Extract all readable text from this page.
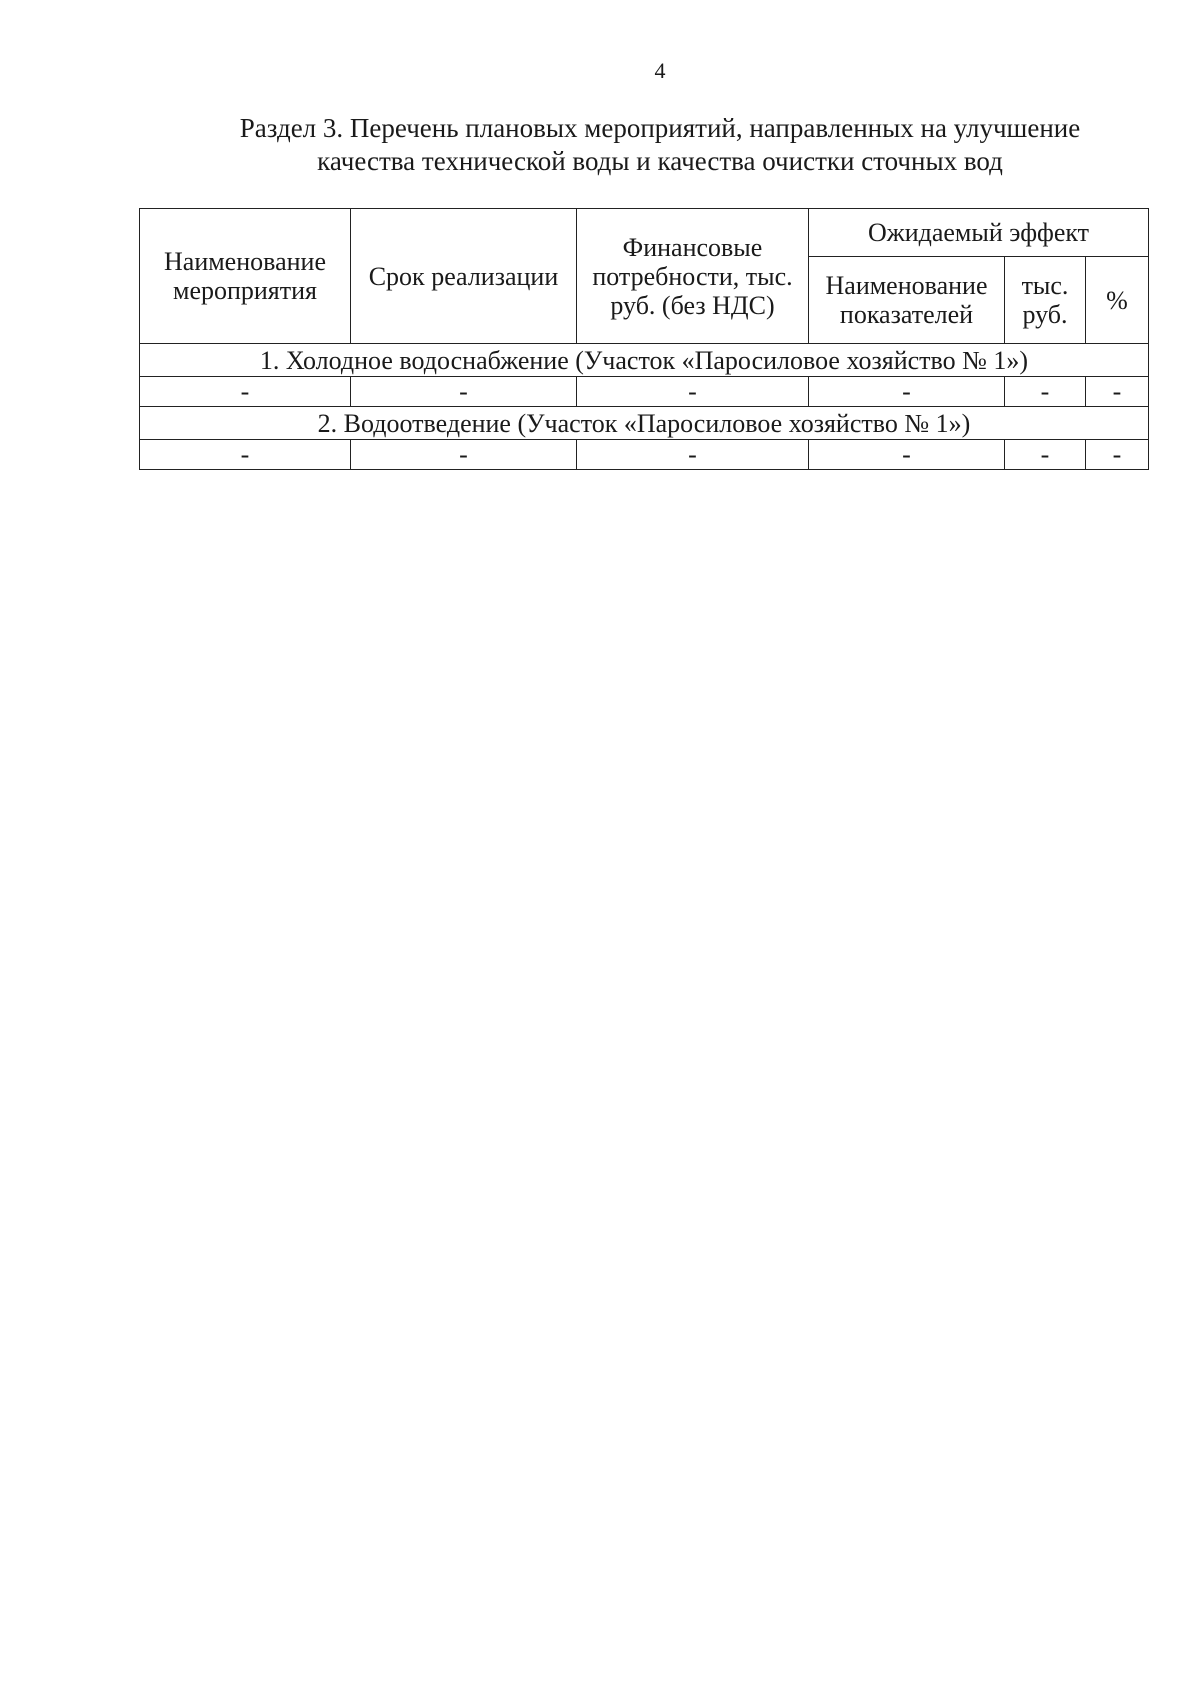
4
Раздел 3. Перечень плановых мероприятий, направленных на улучшение
качества технической воды и качества очистки сточных вод
Наименование мероприятия	Срок реализации	Финансовые потребности, тыс. руб. (без НДС)	Ожидаемый эффект		
			Наименование показателей	тыс. руб.	%
1. Холодное водоснабжение (Участок «Паросиловое хозяйство № 1»)					
-	-	-	-	-	-
2. Водоотведение (Участок «Паросиловое хозяйство № 1»)					
-	-	-	-	-	-
